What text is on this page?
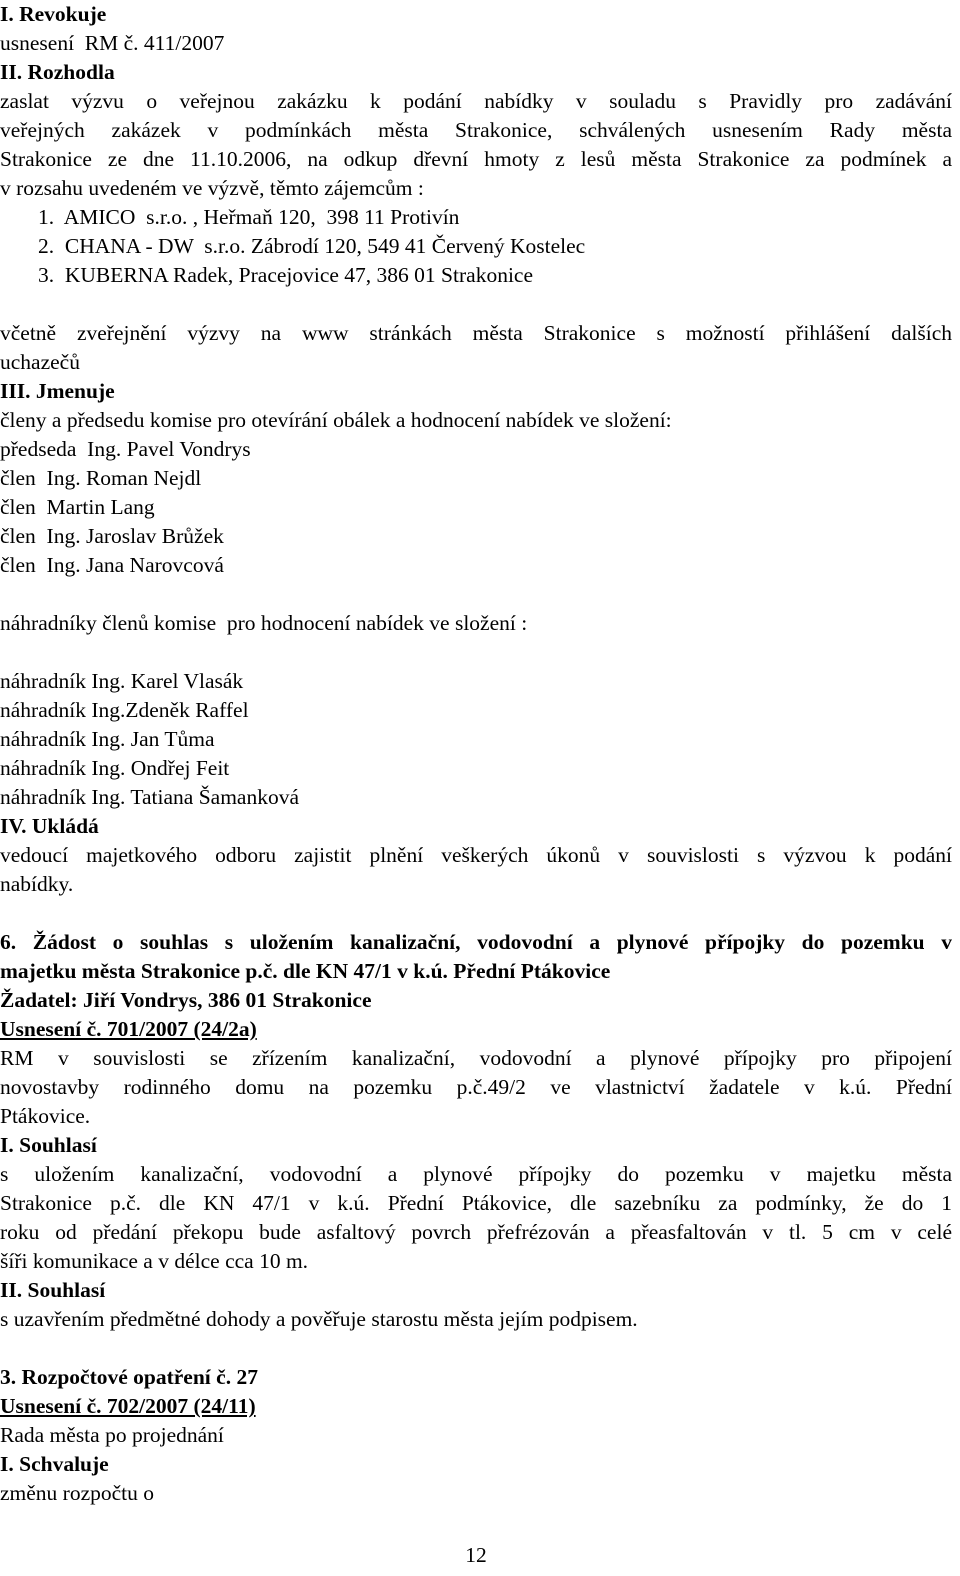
I. Revokuje
usnesení  RM č. 411/2007
II. Rozhodla
zaslat výzvu o veřejnou zakázku k podání nabídky v souladu s Pravidly pro zadávání
veřejných zakázek v podmínkách města Strakonice, schválených usnesením Rady města
Strakonice ze dne 11.10.2006, na odkup dřevní hmoty z lesů města Strakonice za podmínek a
v rozsahu uvedeném ve výzvě, těmto zájemcům :
1.  AMICO  s.r.o. , Heřmaň 120,  398 11 Protivín
2.  CHANA - DW  s.r.o. Zábrodí 120, 549 41 Červený Kostelec
3.  KUBERNA Radek, Pracejovice 47, 386 01 Strakonice
včetně zveřejnění výzvy na www stránkách města Strakonice s možností přihlášení dalších
uchazečů
III. Jmenuje
členy a předsedu komise pro otevírání obálek a hodnocení nabídek ve složení:
předseda  Ing. Pavel Vondrys
člen  Ing. Roman Nejdl
člen  Martin Lang
člen  Ing. Jaroslav Brůžek
člen  Ing. Jana Narovcová
náhradníky členů komise  pro hodnocení nabídek ve složení :
náhradník Ing. Karel Vlasák
náhradník Ing.Zdeněk Raffel
náhradník Ing. Jan Tůma
náhradník Ing. Ondřej Feit
náhradník Ing. Tatiana Šamanková
IV. Ukládá
vedoucí majetkového odboru zajistit plnění veškerých úkonů v souvislosti s výzvou k podání
nabídky.
6. Žádost o souhlas s uložením kanalizační, vodovodní a plynové přípojky do pozemku v
majetku města Strakonice p.č. dle KN 47/1 v k.ú. Přední Ptákovice
Žadatel: Jiří Vondrys, 386 01 Strakonice
Usnesení č. 701/2007 (24/2a)
RM v souvislosti se zřízením kanalizační, vodovodní a plynové přípojky pro připojení
novostavby rodinného domu na pozemku p.č.49/2 ve vlastnictví žadatele v k.ú. Přední
Ptákovice.
I. Souhlasí
s uložením kanalizační, vodovodní a plynové přípojky do pozemku v majetku města
Strakonice p.č. dle KN 47/1 v k.ú. Přední Ptákovice, dle sazebníku za podmínky, že do 1
roku od předání překopu bude asfaltový povrch přefrézován a přeasfaltován v tl. 5 cm v celé
šíři komunikace a v délce cca 10 m.
II. Souhlasí
s uzavřením předmětné dohody a pověřuje starostu města jejím podpisem.
3. Rozpočtové opatření č. 27
Usnesení č. 702/2007 (24/11)
Rada města po projednání
I. Schvaluje
změnu rozpočtu o
12
